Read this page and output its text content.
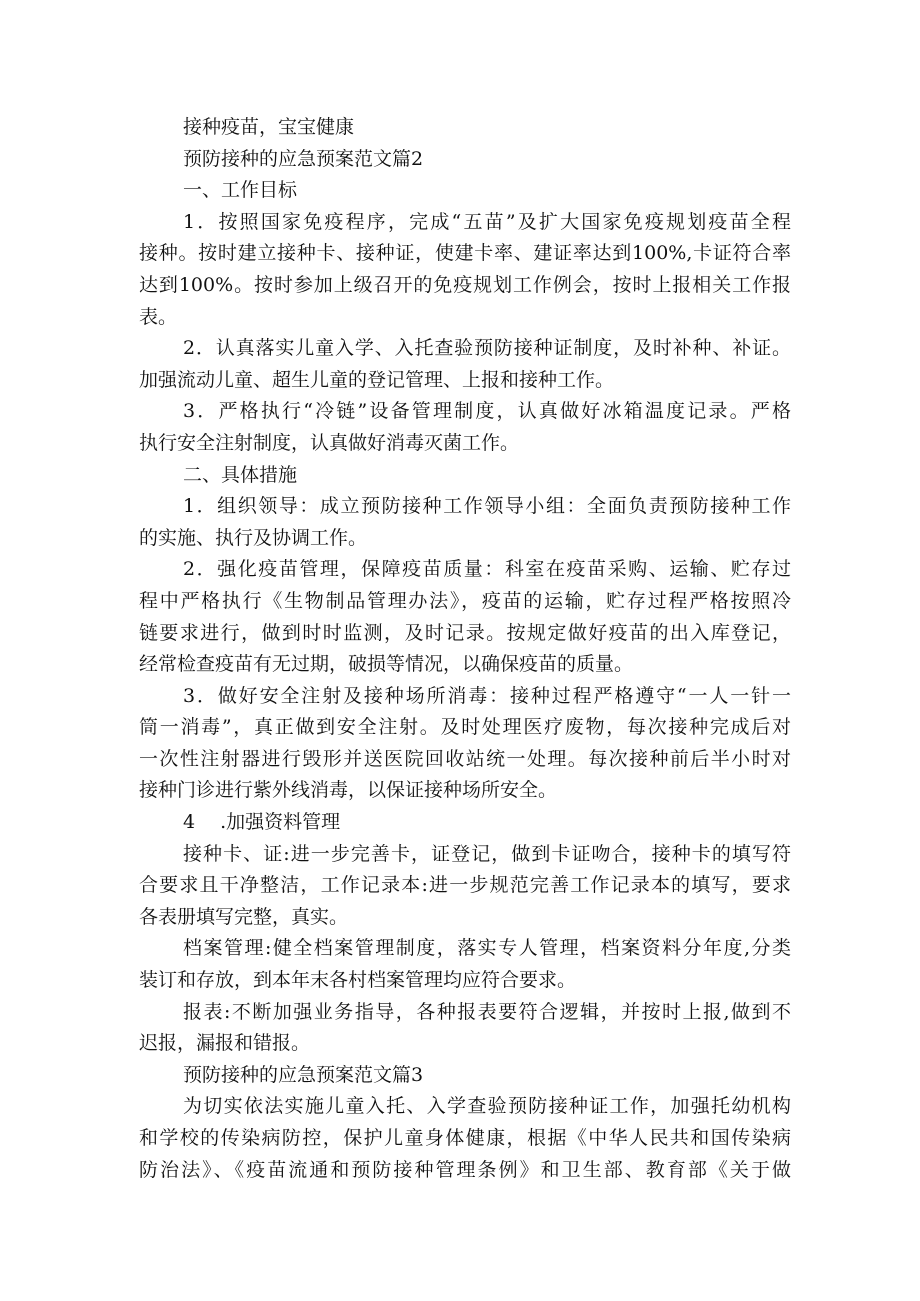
接种疫苗，宝宝健康
预防接种的应急预案范文篇2
一、工作目标
1．按照国家免疫程序，完成“五苗”及扩大国家免疫规划疫苗全程
接种。按时建立接种卡、接种证，使建卡率、建证率达到100%,卡证符合率
达到100%。按时参加上级召开的免疫规划工作例会，按时上报相关工作报
表。
2．认真落实儿童入学、入托查验预防接种证制度，及时补种、补证。
加强流动儿童、超生儿童的登记管理、上报和接种工作。
3．严格执行“冷链”设备管理制度，认真做好冰箱温度记录。严格
执行安全注射制度，认真做好消毒灭菌工作。
二、具体措施
1．组织领导：成立预防接种工作领导小组：全面负责预防接种工作
的实施、执行及协调工作。
2．强化疫苗管理，保障疫苗质量：科室在疫苗采购、运输、贮存过
程中严格执行《生物制品管理办法》，疫苗的运输，贮存过程严格按照冷
链要求进行，做到时时监测，及时记录。按规定做好疫苗的出入库登记，
经常检查疫苗有无过期，破损等情况，以确保疫苗的质量。
3．做好安全注射及接种场所消毒：接种过程严格遵守“一人一针一
筒一消毒”，真正做到安全注射。及时处理医疗废物，每次接种完成后对
一次性注射器进行毁形并送医院回收站统一处理。每次接种前后半小时对
接种门诊进行紫外线消毒，以保证接种场所安全。
4　 .加强资料管理
接种卡、证:进一步完善卡，证登记，做到卡证吻合，接种卡的填写符
合要求且干净整洁，工作记录本:进一步规范完善工作记录本的填写，要求
各表册填写完整，真实。
档案管理:健全档案管理制度，落实专人管理，档案资料分年度,分类
装订和存放，到本年末各村档案管理均应符合要求。
报表:不断加强业务指导，各种报表要符合逻辑，并按时上报,做到不
迟报，漏报和错报。
预防接种的应急预案范文篇3
为切实依法实施儿童入托、入学查验预防接种证工作，加强托幼机构
和学校的传染病防控，保护儿童身体健康，根据《中华人民共和国传染病
防治法》、《疫苗流通和预防接种管理条例》和卫生部、教育部《关于做
